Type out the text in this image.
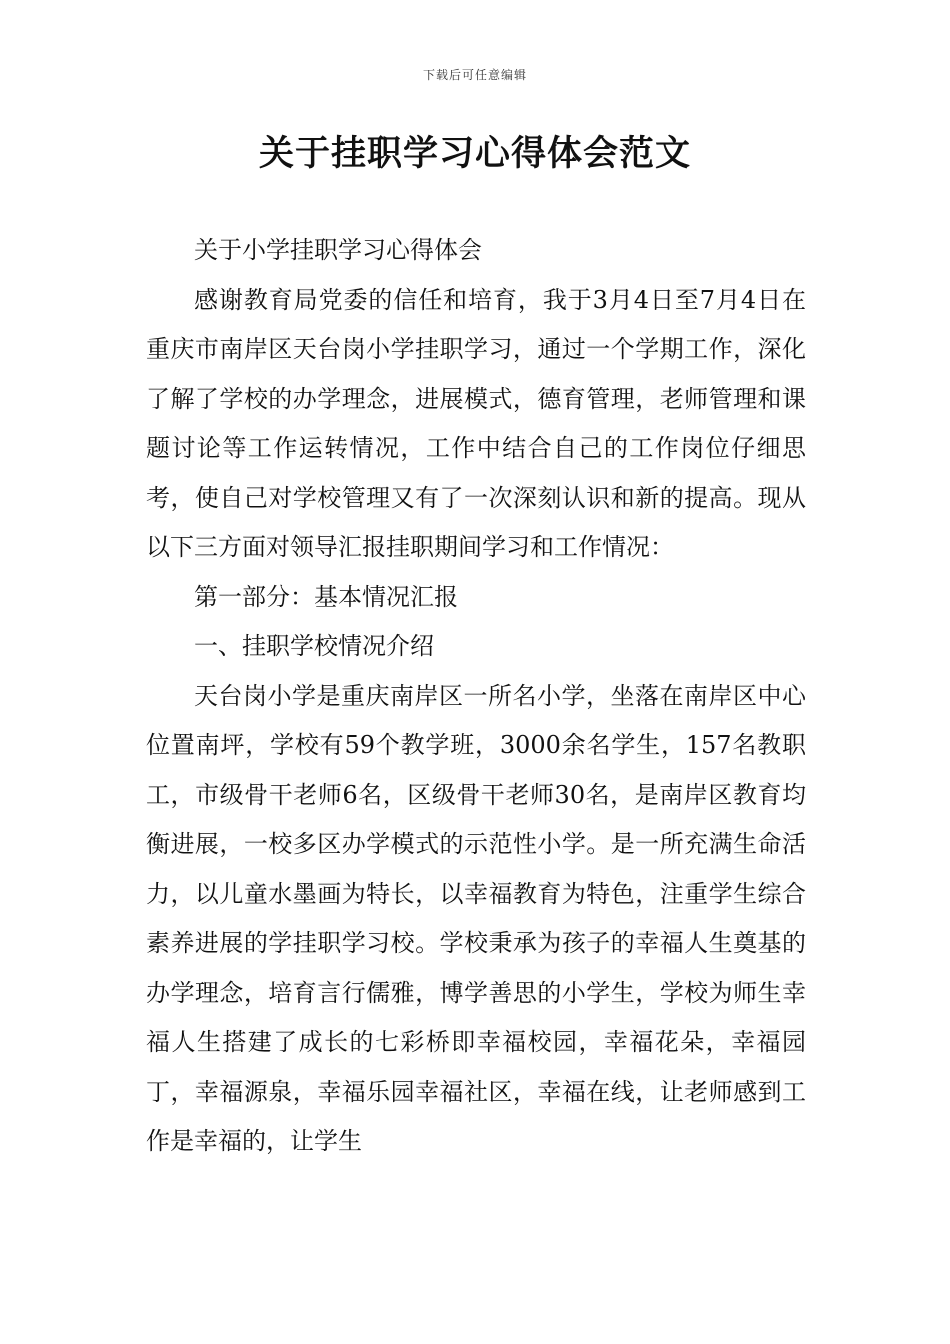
下载后可任意编辑
关于挂职学习心得体会范文

关于小学挂职学习心得体会

感谢教育局党委的信任和培育，我于3月4日至7月4日在重庆市南岸区天台岗小学挂职学习，通过一个学期工作，深化了解了学校的办学理念，进展模式，德育管理，老师管理和课题讨论等工作运转情况，工作中结合自己的工作岗位仔细思考，使自己对学校管理又有了一次深刻认识和新的提高。现从以下三方面对领导汇报挂职期间学习和工作情况：

第一部分：基本情况汇报

一、挂职学校情况介绍

天台岗小学是重庆南岸区一所名小学，坐落在南岸区中心位置南坪，学校有59个教学班，3000余名学生，157名教职工，市级骨干老师6名，区级骨干老师30名，是南岸区教育均衡进展，一校多区办学模式的示范性小学。是一所充满生命活力，以儿童水墨画为特长，以幸福教育为特色，注重学生综合素养进展的学挂职学习校。学校秉承为孩子的幸福人生奠基的办学理念，培育言行儒雅，博学善思的小学生，学校为师生幸福人生搭建了成长的七彩桥即幸福校园，幸福花朵，幸福园丁，幸福源泉，幸福乐园幸福社区，幸福在线，让老师感到工作是幸福的，让学生
